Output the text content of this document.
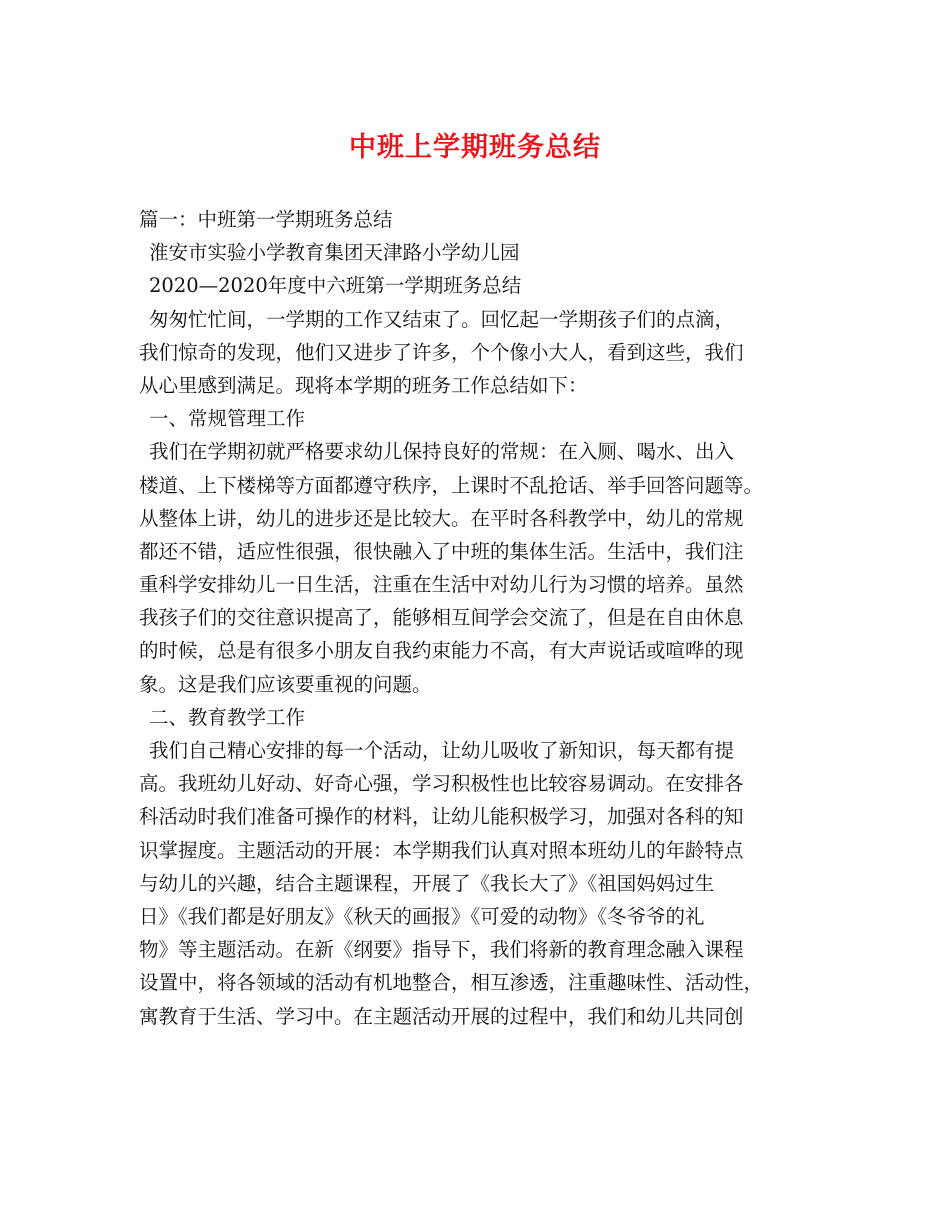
中班上学期班务总结
篇一：中班第一学期班务总结
淮安市实验小学教育集团天津路小学幼儿园
2020—2020年度中六班第一学期班务总结
匆匆忙忙间，一学期的工作又结束了。回忆起一学期孩子们的点滴，
我们惊奇的发现，他们又进步了许多，个个像小大人，看到这些，我们
从心里感到满足。现将本学期的班务工作总结如下：
一、常规管理工作
我们在学期初就严格要求幼儿保持良好的常规：在入厕、喝水、出入
楼道、上下楼梯等方面都遵守秩序，上课时不乱抢话、举手回答问题等。
从整体上讲，幼儿的进步还是比较大。在平时各科教学中，幼儿的常规
都还不错，适应性很强，很快融入了中班的集体生活。生活中，我们注
重科学安排幼儿一日生活，注重在生活中对幼儿行为习惯的培养。虽然
我孩子们的交往意识提高了，能够相互间学会交流了，但是在自由休息
的时候，总是有很多小朋友自我约束能力不高，有大声说话或喧哗的现
象。这是我们应该要重视的问题。
二、教育教学工作
我们自己精心安排的每一个活动，让幼儿吸收了新知识，每天都有提
高。我班幼儿好动、好奇心强，学习积极性也比较容易调动。在安排各
科活动时我们准备可操作的材料，让幼儿能积极学习，加强对各科的知
识掌握度。主题活动的开展：本学期我们认真对照本班幼儿的年龄特点
与幼儿的兴趣，结合主题课程，开展了《我长大了》《祖国妈妈过生
日》《我们都是好朋友》《秋天的画报》《可爱的动物》《冬爷爷的礼
物》等主题活动。在新《纲要》指导下，我们将新的教育理念融入课程
设置中，将各领域的活动有机地整合，相互渗透，注重趣味性、活动性，
寓教育于生活、学习中。在主题活动开展的过程中，我们和幼儿共同创
